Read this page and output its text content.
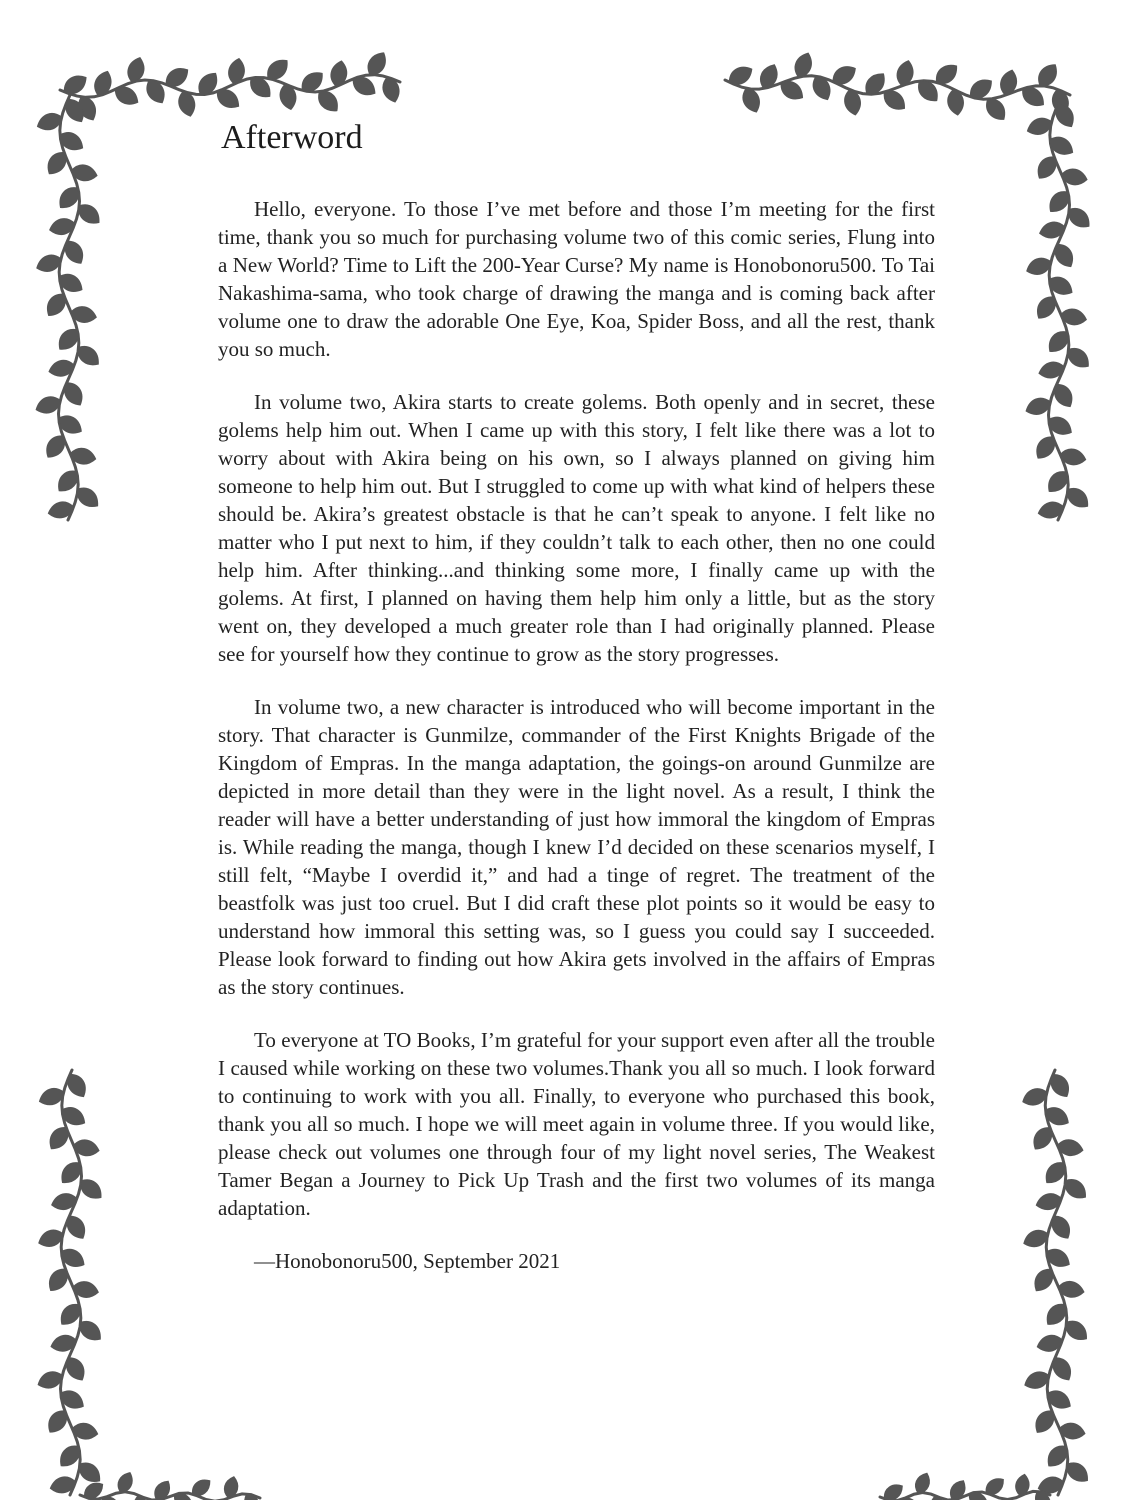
Afterword

Hello, everyone. To those I’ve met before and those I’m meeting for the first time, thank you so much for purchasing volume two of this comic series, Flung into a New World? Time to Lift the 200-Year Curse? My name is Honobonoru500. To Tai Nakashima-sama, who took charge of drawing the manga and is coming back after volume one to draw the adorable One Eye, Koa, Spider Boss, and all the rest, thank you so much.

In volume two, Akira starts to create golems. Both openly and in secret, these golems help him out. When I came up with this story, I felt like there was a lot to worry about with Akira being on his own, so I always planned on giving him someone to help him out. But I struggled to come up with what kind of helpers these should be. Akira’s greatest obstacle is that he can’t speak to anyone. I felt like no matter who I put next to him, if they couldn’t talk to each other, then no one could help him. After thinking...and thinking some more, I finally came up with the golems. At first, I planned on having them help him only a little, but as the story went on, they developed a much greater role than I had originally planned. Please see for yourself how they continue to grow as the story progresses.

In volume two, a new character is introduced who will become important in the story. That character is Gunmilze, commander of the First Knights Brigade of the Kingdom of Empras. In the manga adaptation, the goings-on around Gunmilze are depicted in more detail than they were in the light novel. As a result, I think the reader will have a better understanding of just how immoral the kingdom of Empras is. While reading the manga, though I knew I’d decided on these scenarios myself, I still felt, “Maybe I overdid it,” and had a tinge of regret. The treatment of the beastfolk was just too cruel. But I did craft these plot points so it would be easy to understand how immoral this setting was, so I guess you could say I succeeded. Please look forward to finding out how Akira gets involved in the affairs of Empras as the story continues.

To everyone at TO Books, I’m grateful for your support even after all the trouble I caused while working on these two volumes.Thank you all so much. I look forward to continuing to work with you all. Finally, to everyone who purchased this book, thank you all so much. I hope we will meet again in volume three. If you would like, please check out volumes one through four of my light novel series, The Weakest Tamer Began a Journey to Pick Up Trash and the first two volumes of its manga adaptation.

—Honobonoru500, September 2021
